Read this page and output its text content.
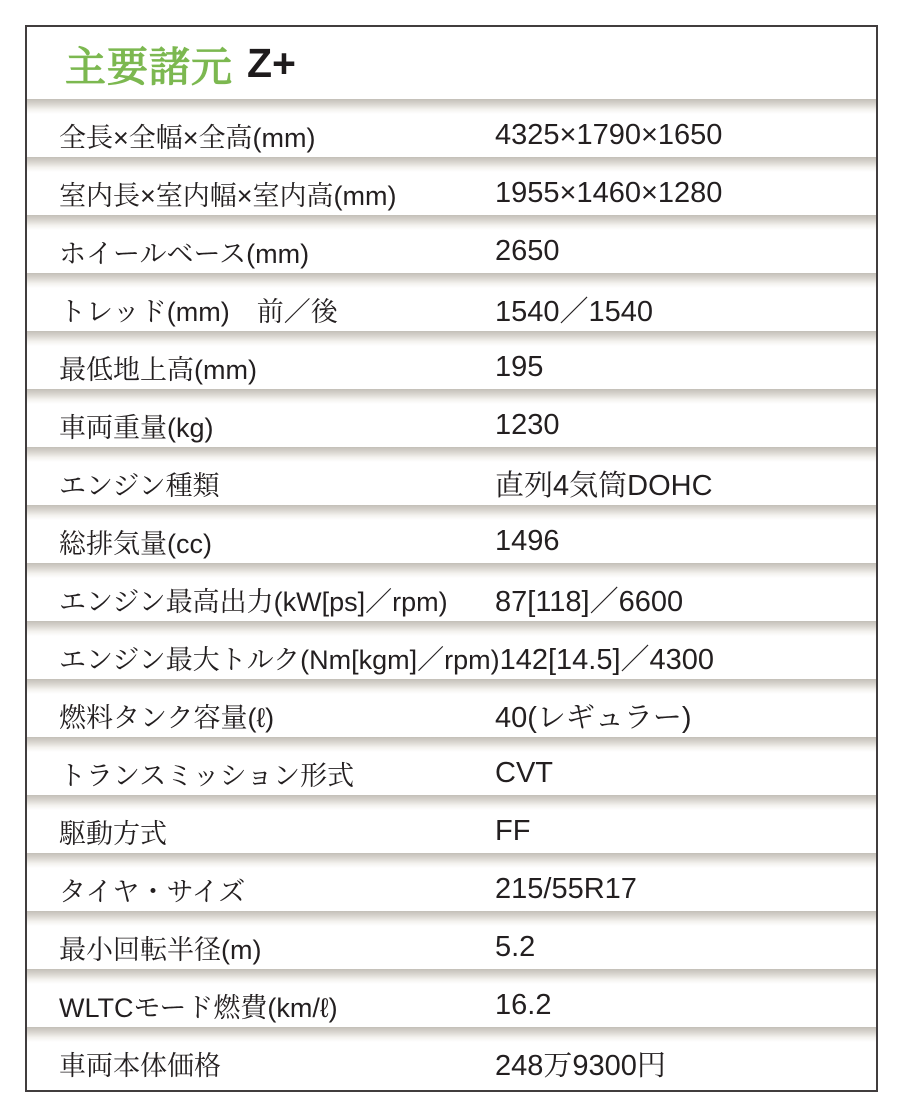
主要諸元 Z+
全長×全幅×全高(mm)	4325×1790×1650
室内長×室内幅×室内高(mm)	1955×1460×1280
ホイールベース(mm)	2650
トレッド(mm)　前／後	1540／1540
最低地上高(mm)	195
車両重量(kg)	1230
エンジン種類	直列4気筒DOHC
総排気量(cc)	1496
エンジン最高出力(kW[ps]／rpm)	87[118]／6600
エンジン最大トルク(Nm[kgm]／rpm) 142[14.5]／4300
燃料タンク容量(ℓ)	40(レギュラー)
トランスミッション形式	CVT
駆動方式	FF
タイヤ・サイズ	215/55R17
最小回転半径(m)	5.2
WLTCモード燃費(km/ℓ)	16.2
車両本体価格	248万9300円
